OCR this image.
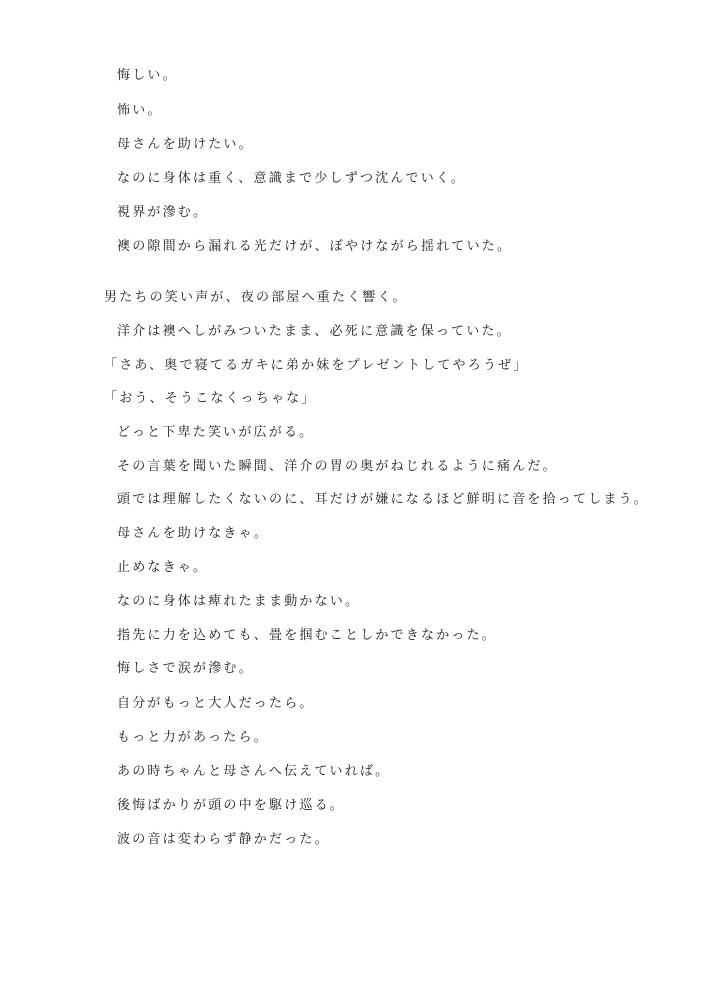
悔しい。
怖い。
母さんを助けたい。
なのに身体は重く、意識まで少しずつ沈んでいく。
視界が滲む。
襖の隙間から漏れる光だけが、ぼやけながら揺れていた。
男たちの笑い声が、夜の部屋へ重たく響く。
洋介は襖へしがみついたまま、必死に意識を保っていた。
「さあ、奥で寝てるガキに弟か妹をプレゼントしてやろうぜ」
「おう、そうこなくっちゃな」
どっと下卑た笑いが広がる。
その言葉を聞いた瞬間、洋介の胃の奥がねじれるように痛んだ。
頭では理解したくないのに、耳だけが嫌になるほど鮮明に音を拾ってしまう。
母さんを助けなきゃ。
止めなきゃ。
なのに身体は痺れたまま動かない。
指先に力を込めても、畳を掴むことしかできなかった。
悔しさで涙が滲む。
自分がもっと大人だったら。
もっと力があったら。
あの時ちゃんと母さんへ伝えていれば。
後悔ばかりが頭の中を駆け巡る。
波の音は変わらず静かだった。
